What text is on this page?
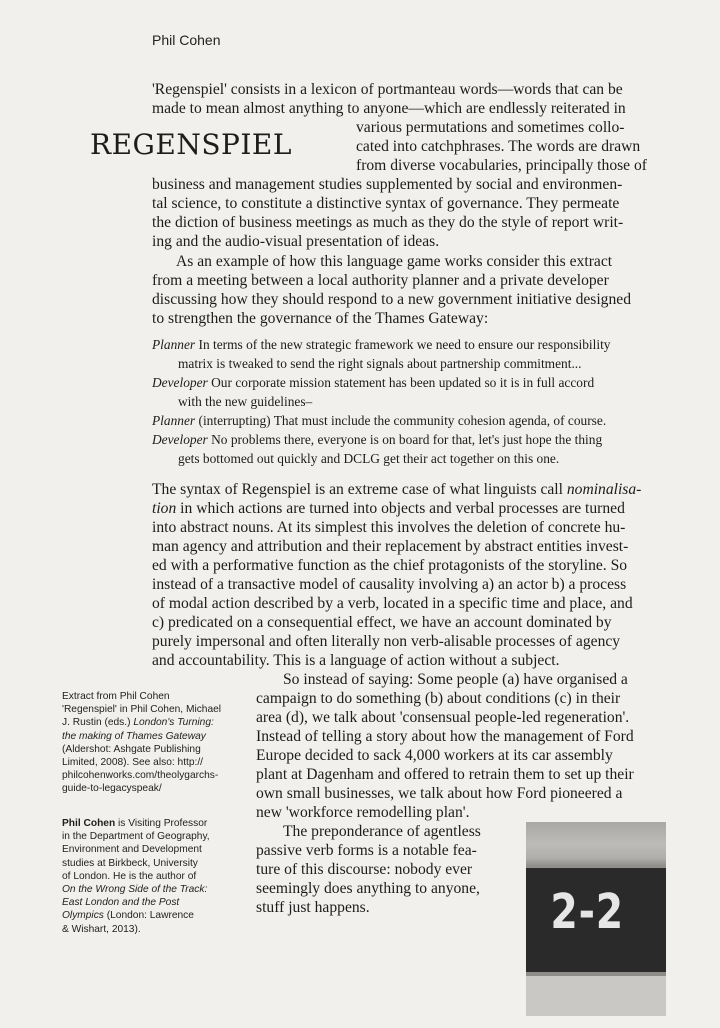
Phil Cohen
REGENSPIEL
'Regenspiel' consists in a lexicon of portmanteau words—words that can be
made to mean almost anything to anyone—which are endlessly reiterated in
various permutations and sometimes collo-
cated into catchphrases. The words are drawn
from diverse vocabularies, principally those of
business and management studies supplemented by social and environmen-
tal science, to constitute a distinctive syntax of governance. They permeate
the diction of business meetings as much as they do the style of report writ-
ing and the audio-visual presentation of ideas.
As an example of how this language game works consider this extract
from a meeting between a local authority planner and a private developer
discussing how they should respond to a new government initiative designed
to strengthen the governance of the Thames Gateway:
Planner In terms of the new strategic framework we need to ensure our responsibility
matrix is tweaked to send the right signals about partnership commitment...
Developer Our corporate mission statement has been updated so it is in full accord
with the new guidelines–
Planner (interrupting) That must include the community cohesion agenda, of course.
Developer No problems there, everyone is on board for that, let's just hope the thing
gets bottomed out quickly and DCLG get their act together on this one.
The syntax of Regenspiel is an extreme case of what linguists call nominalisa-
tion in which actions are turned into objects and verbal processes are turned
into abstract nouns. At its simplest this involves the deletion of concrete hu-
man agency and attribution and their replacement by abstract entities invest-
ed with a performative function as the chief protagonists of the storyline. So
instead of a transactive model of causality involving a) an actor b) a process
of modal action described by a verb, located in a specific time and place, and
c) predicated on a consequential effect, we have an account dominated by
purely impersonal and often literally non verb-alisable processes of agency
and accountability. This is a language of action without a subject.
So instead of saying: Some people (a) have organised a
campaign to do something (b) about conditions (c) in their
area (d), we talk about 'consensual people-led regeneration'.
Instead of telling a story about how the management of Ford
Europe decided to sack 4,000 workers at its car assembly
plant at Dagenham and offered to retrain them to set up their
own small businesses, we talk about how Ford pioneered a
new 'workforce remodelling plan'.
The preponderance of agentless
passive verb forms is a notable fea-
ture of this discourse: nobody ever
seemingly does anything to anyone,
stuff just happens.
Extract from Phil Cohen
'Regenspiel' in Phil Cohen, Michael
J. Rustin (eds.) London's Turning:
the making of Thames Gateway
(Aldershot: Ashgate Publishing
Limited, 2008). See also: http://
philcohenworks.com/theolygarchs-
guide-to-legacyspeak/
Phil Cohen is Visiting Professor
in the Department of Geography,
Environment and Development
studies at Birkbeck, University
of London. He is the author of
On the Wrong Side of the Track:
East London and the Post
Olympics (London: Lawrence
& Wishart, 2013).	2-2
